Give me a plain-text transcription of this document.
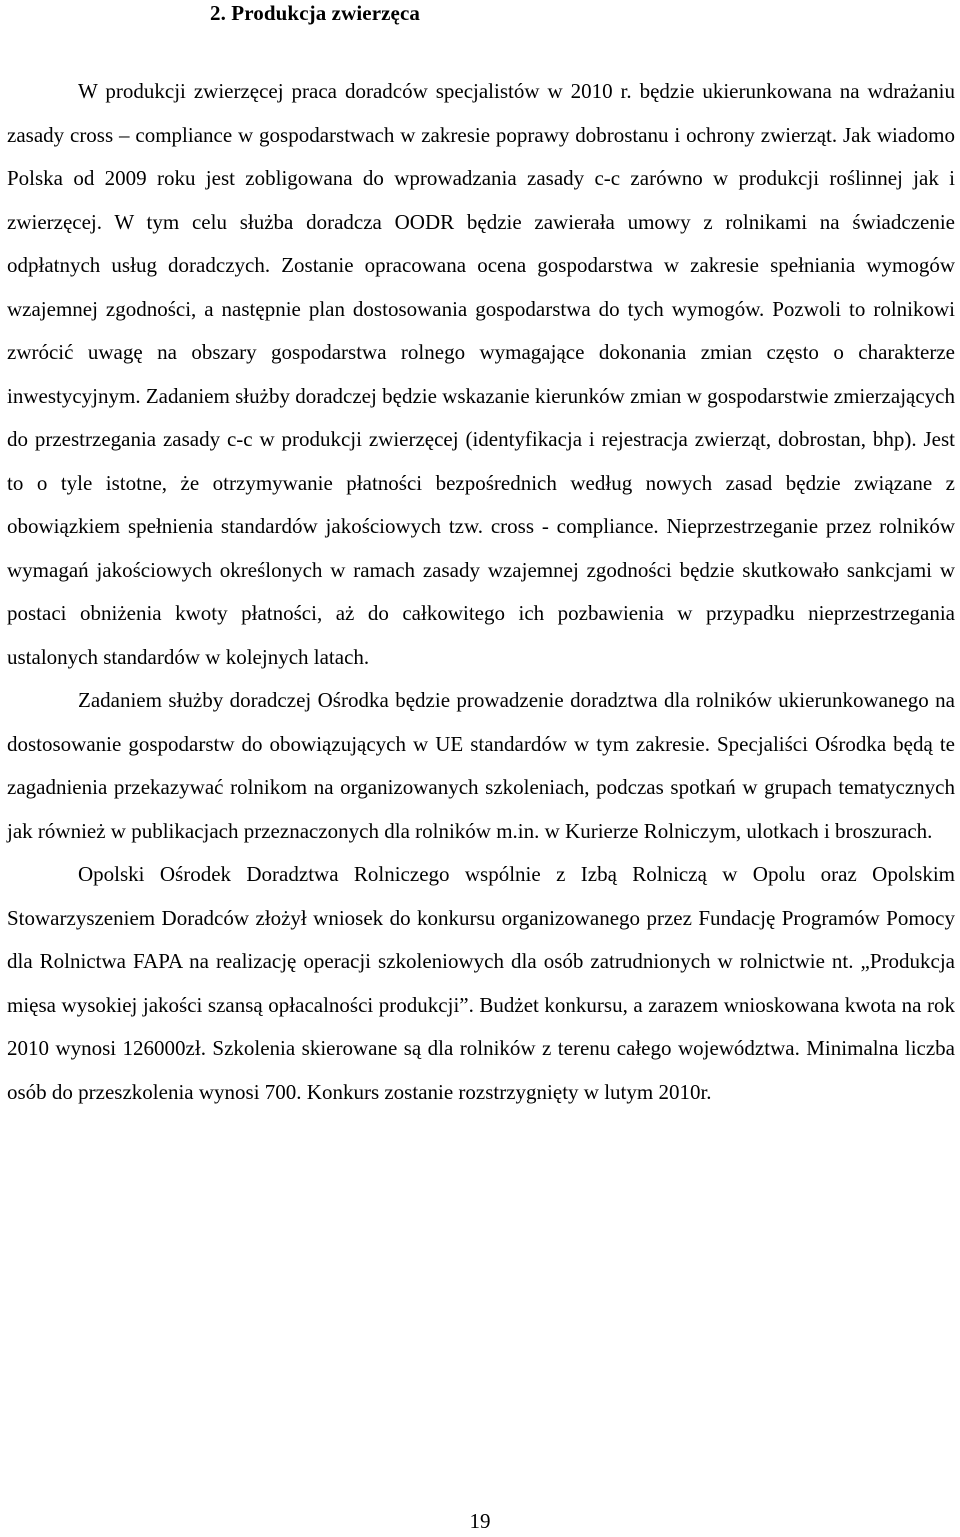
2. Produkcja zwierzęca

W produkcji zwierzęcej praca doradców specjalistów w 2010 r. będzie ukierunkowana na wdrażaniu zasady cross – compliance w gospodarstwach w zakresie poprawy dobrostanu i ochrony zwierząt. Jak wiadomo Polska od 2009 roku jest zobligowana do wprowadzania zasady c-c zarówno w produkcji roślinnej jak i zwierzęcej. W tym celu służba doradcza OODR będzie zawierała umowy z rolnikami na świadczenie odpłatnych usług doradczych. Zostanie opracowana ocena gospodarstwa w zakresie spełniania wymogów wzajemnej zgodności, a następnie plan dostosowania gospodarstwa do tych wymogów. Pozwoli to rolnikowi zwrócić uwagę na obszary gospodarstwa rolnego wymagające dokonania zmian często o charakterze inwestycyjnym. Zadaniem służby doradczej będzie wskazanie kierunków zmian w gospodarstwie zmierzających do przestrzegania zasady c-c w produkcji zwierzęcej (identyfikacja i rejestracja zwierząt, dobrostan, bhp). Jest to o tyle istotne, że otrzymywanie płatności bezpośrednich według nowych zasad będzie związane z obowiązkiem spełnienia standardów jakościowych tzw. cross - compliance. Nieprzestrzeganie przez rolników wymagań jakościowych określonych w ramach zasady wzajemnej zgodności będzie skutkowało sankcjami w postaci obniżenia kwoty płatności, aż do całkowitego ich pozbawienia w przypadku nieprzestrzegania ustalonych standardów w kolejnych latach.

Zadaniem służby doradczej Ośrodka będzie prowadzenie doradztwa dla rolników ukierunkowanego na dostosowanie gospodarstw do obowiązujących w UE standardów w tym zakresie. Specjaliści Ośrodka będą te zagadnienia przekazywać rolnikom na organizowanych szkoleniach, podczas spotkań w grupach tematycznych jak również w publikacjach przeznaczonych dla rolników m.in. w Kurierze Rolniczym, ulotkach i broszurach.

Opolski Ośrodek Doradztwa Rolniczego wspólnie z Izbą Rolniczą w Opolu oraz Opolskim Stowarzyszeniem Doradców złożył wniosek do konkursu organizowanego przez Fundację Programów Pomocy dla Rolnictwa FAPA na realizację operacji szkoleniowych dla osób zatrudnionych w rolnictwie nt. „Produkcja mięsa wysokiej jakości szansą opłacalności produkcji”. Budżet konkursu, a zarazem wnioskowana kwota na rok 2010 wynosi 126000zł. Szkolenia skierowane są dla rolników z terenu całego województwa. Minimalna liczba osób do przeszkolenia wynosi 700. Konkurs zostanie rozstrzygnięty w lutym 2010r.

19
